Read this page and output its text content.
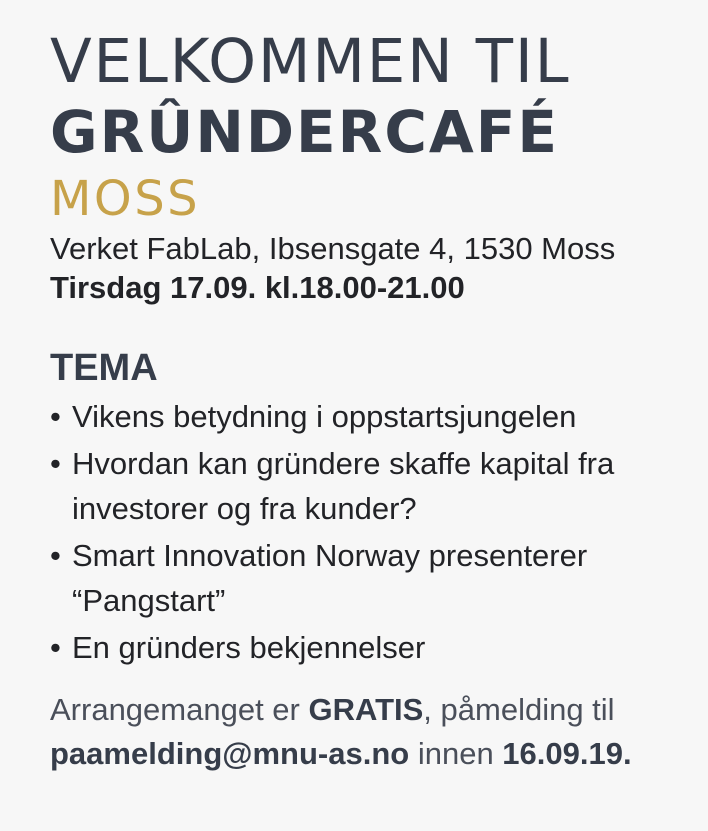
VELKOMMEN TIL
GRÛNDERCAFÉ
MOSS
Verket FabLab, Ibsensgate 4, 1530 Moss
Tirsdag 17.09. kl.18.00-21.00
TEMA
• Vikens betydning i oppstartsjungelen
• Hvordan kan gründere skaffe kapital fra
investorer og fra kunder?
• Smart Innovation Norway presenterer
“Pangstart”
• En gründers bekjennelser
Arrangemanget er GRATIS, påmelding til
paamelding@mnu-as.no innen 16.09.19.
